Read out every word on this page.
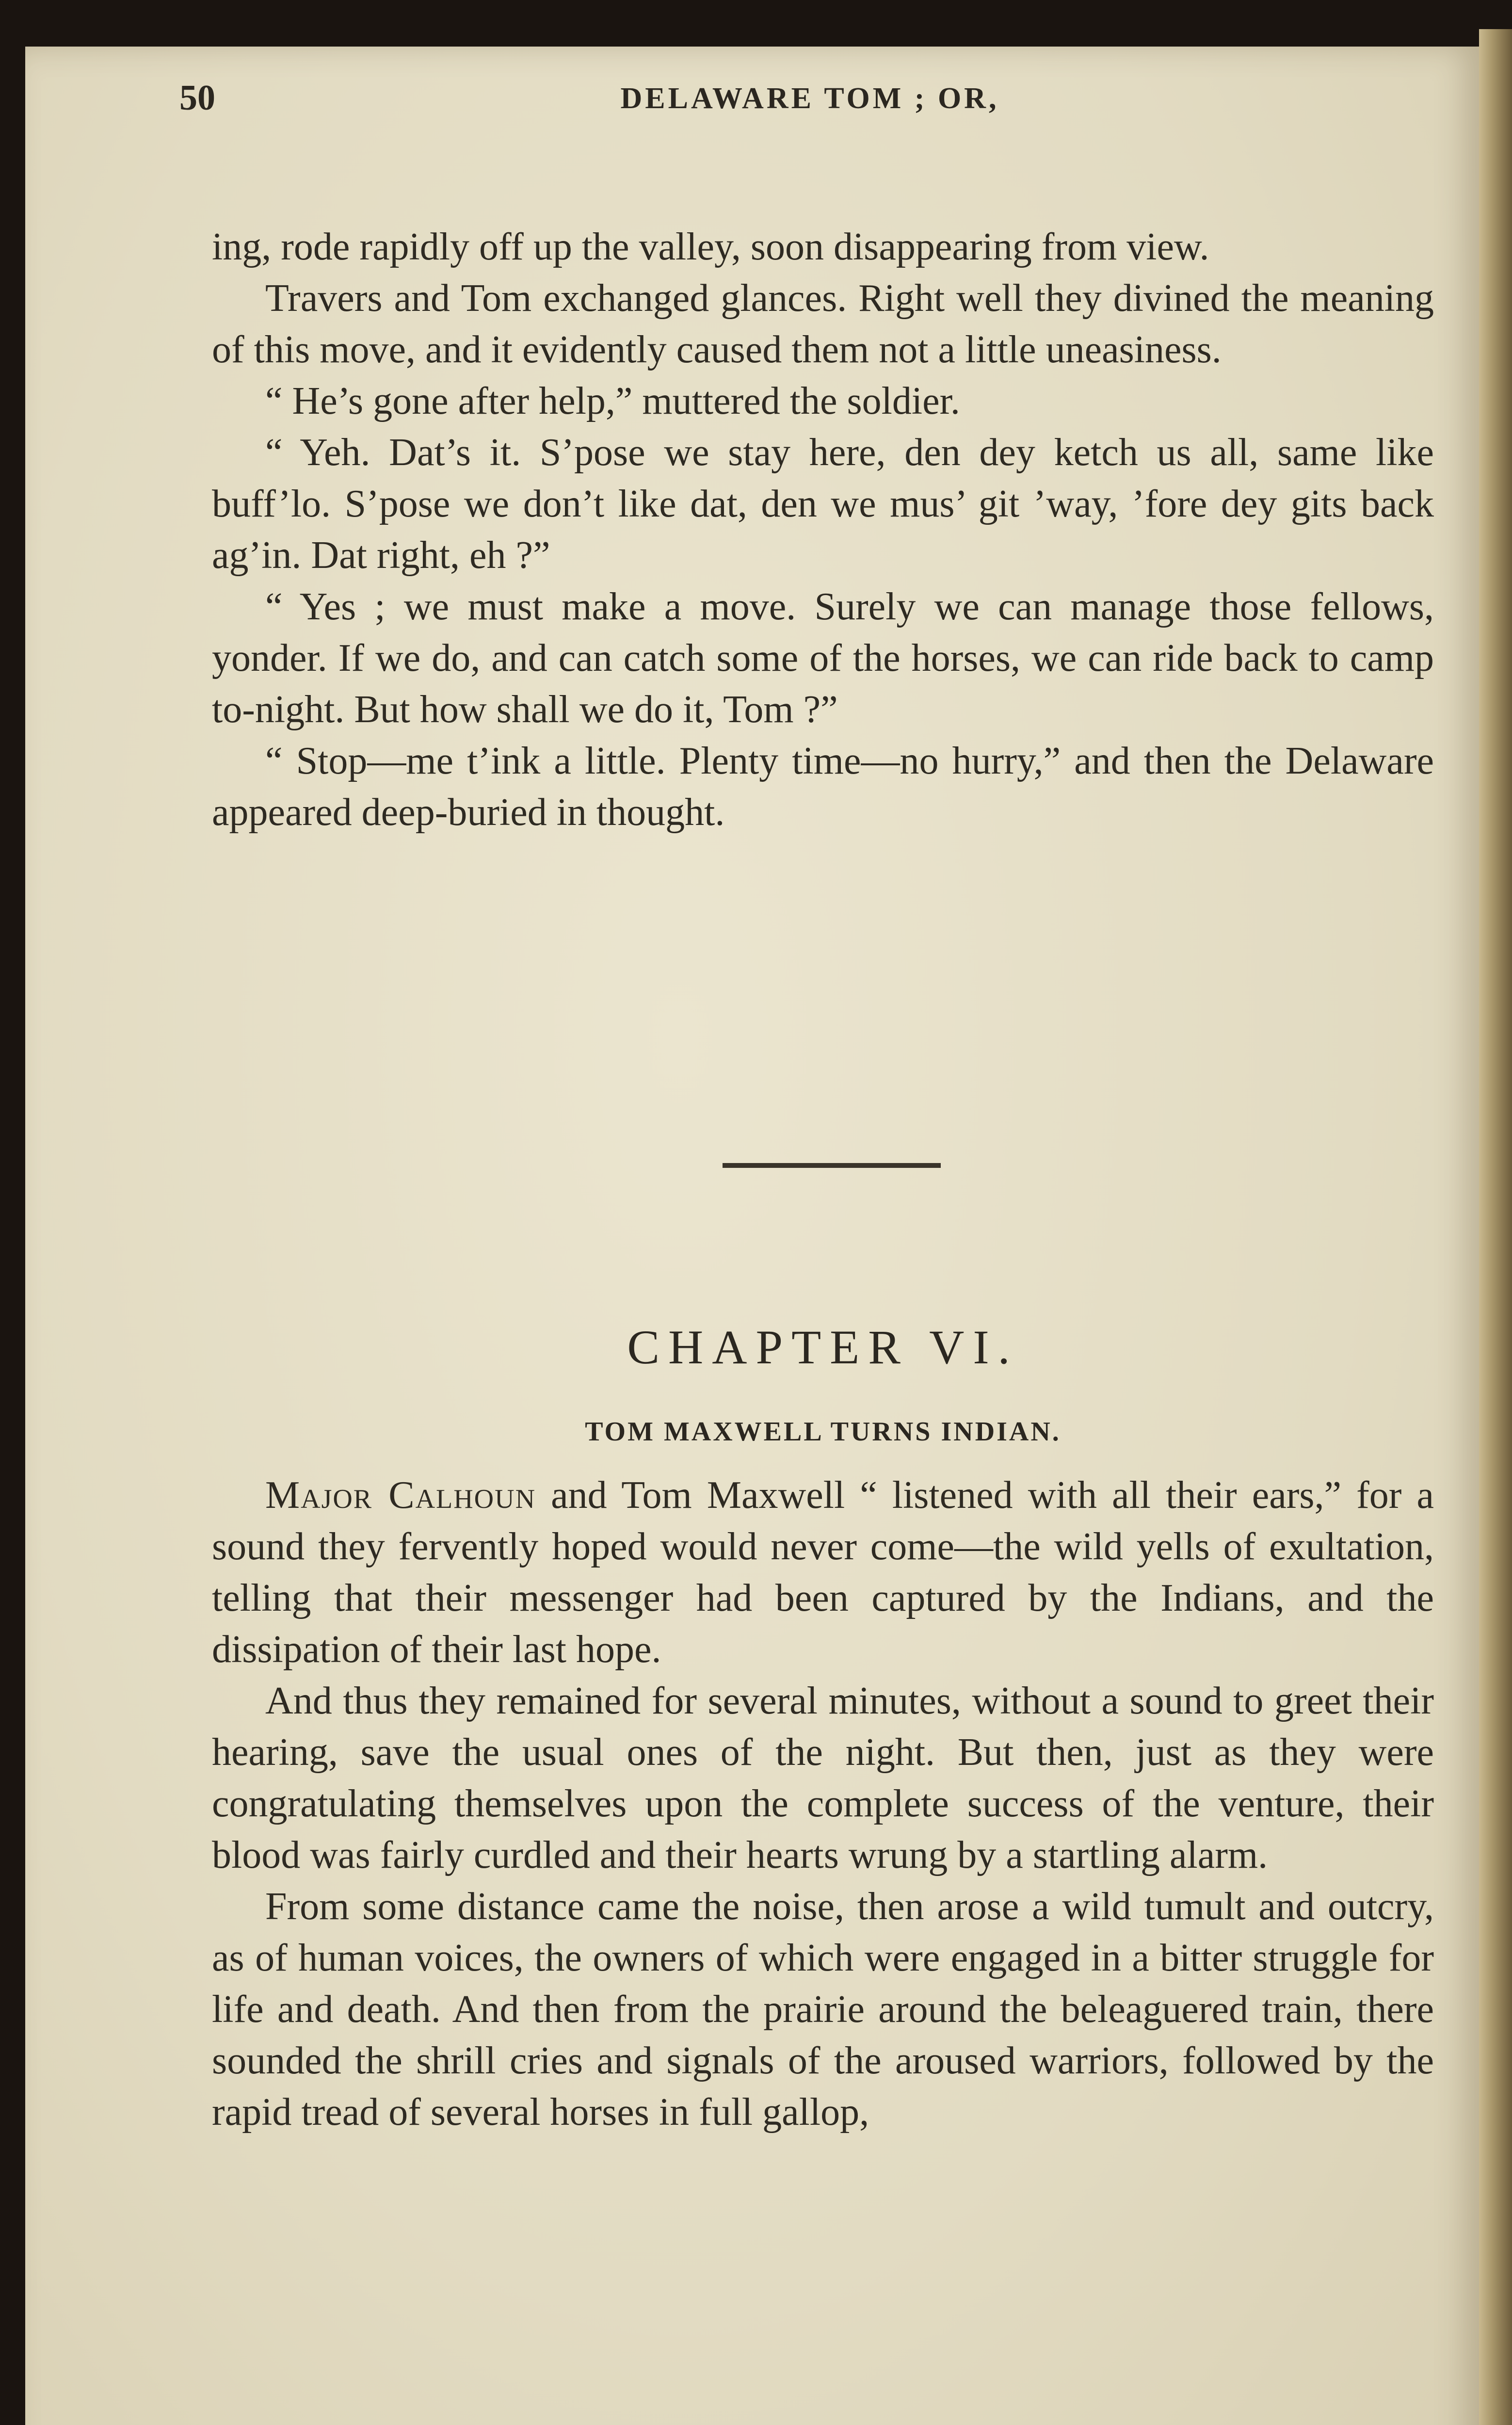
50	DELAWARE TOM ; OR,

ing, rode rapidly off up the valley, soon disappearing from view.

Travers and Tom exchanged glances. Right well they divined the meaning of this move, and it evidently caused them not a little uneasiness.

“ He’s gone after help,” muttered the soldier.

“ Yeh. Dat’s it. S’pose we stay here, den dey ketch us all, same like buff’lo. S’pose we don’t like dat, den we mus’ git ’way, ’fore dey gits back ag’in. Dat right, eh ?”

“ Yes ; we must make a move. Surely we can manage those fellows, yonder. If we do, and can catch some of the horses, we can ride back to camp to-night. But how shall we do it, Tom ?”

“ Stop—me t’ink a little. Plenty time—no hurry,” and then the Delaware appeared deep-buried in thought.

CHAPTER VI.
TOM MAXWELL TURNS INDIAN.

Major Calhoun and Tom Maxwell “ listened with all their ears,” for a sound they fervently hoped would never come—the wild yells of exultation, telling that their messenger had been captured by the Indians, and the dissipation of their last hope.

And thus they remained for several minutes, without a sound to greet their hearing, save the usual ones of the night. But then, just as they were congratulating themselves upon the complete success of the venture, their blood was fairly curdled and their hearts wrung by a startling alarm.

From some distance came the noise, then arose a wild tumult and outcry, as of human voices, the owners of which were engaged in a bitter struggle for life and death. And then from the prairie around the beleaguered train, there sounded the shrill cries and signals of the aroused warriors, followed by the rapid tread of several horses in full gallop,
